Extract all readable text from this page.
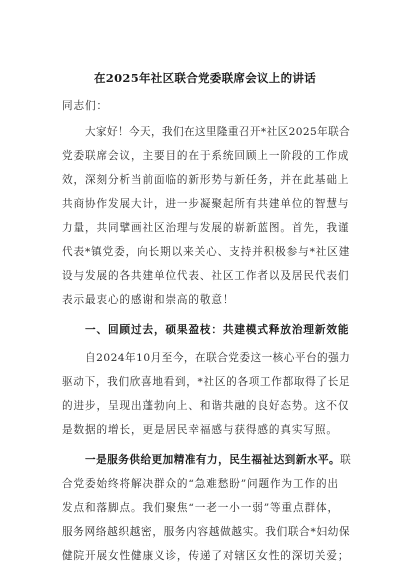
在2025年社区联合党委联席会议上的讲话
同志们：
大家好！今天，我们在这里隆重召开*社区2025年联合
党委联席会议，主要目的在于系统回顾上一阶段的工作成
效，深刻分析当前面临的新形势与新任务，并在此基础上
共商协作发展大计，进一步凝聚起所有共建单位的智慧与
力量，共同擘画社区治理与发展的崭新蓝图。首先，我谨
代表*镇党委，向长期以来关心、支持并积极参与*社区建
设与发展的各共建单位代表、社区工作者以及居民代表们
表示最衷心的感谢和崇高的敬意！
一、回顾过去，硕果盈枝：共建模式释放治理新效能
自2024年10月至今，在联合党委这一核心平台的强力
驱动下，我们欣喜地看到，*社区的各项工作都取得了长足
的进步，呈现出蓬勃向上、和谐共融的良好态势。这不仅
是数据的增长，更是居民幸福感与获得感的真实写照。
一是服务供给更加精准有力，民生福祉达到新水平。联
合党委始终将解决群众的“急难愁盼”问题作为工作的出
发点和落脚点。我们聚焦“一老一小一弱”等重点群体，
服务网络越织越密，服务内容越做越实。我们联合*妇幼保
健院开展女性健康义诊，传递了对辖区女性的深切关爱；
